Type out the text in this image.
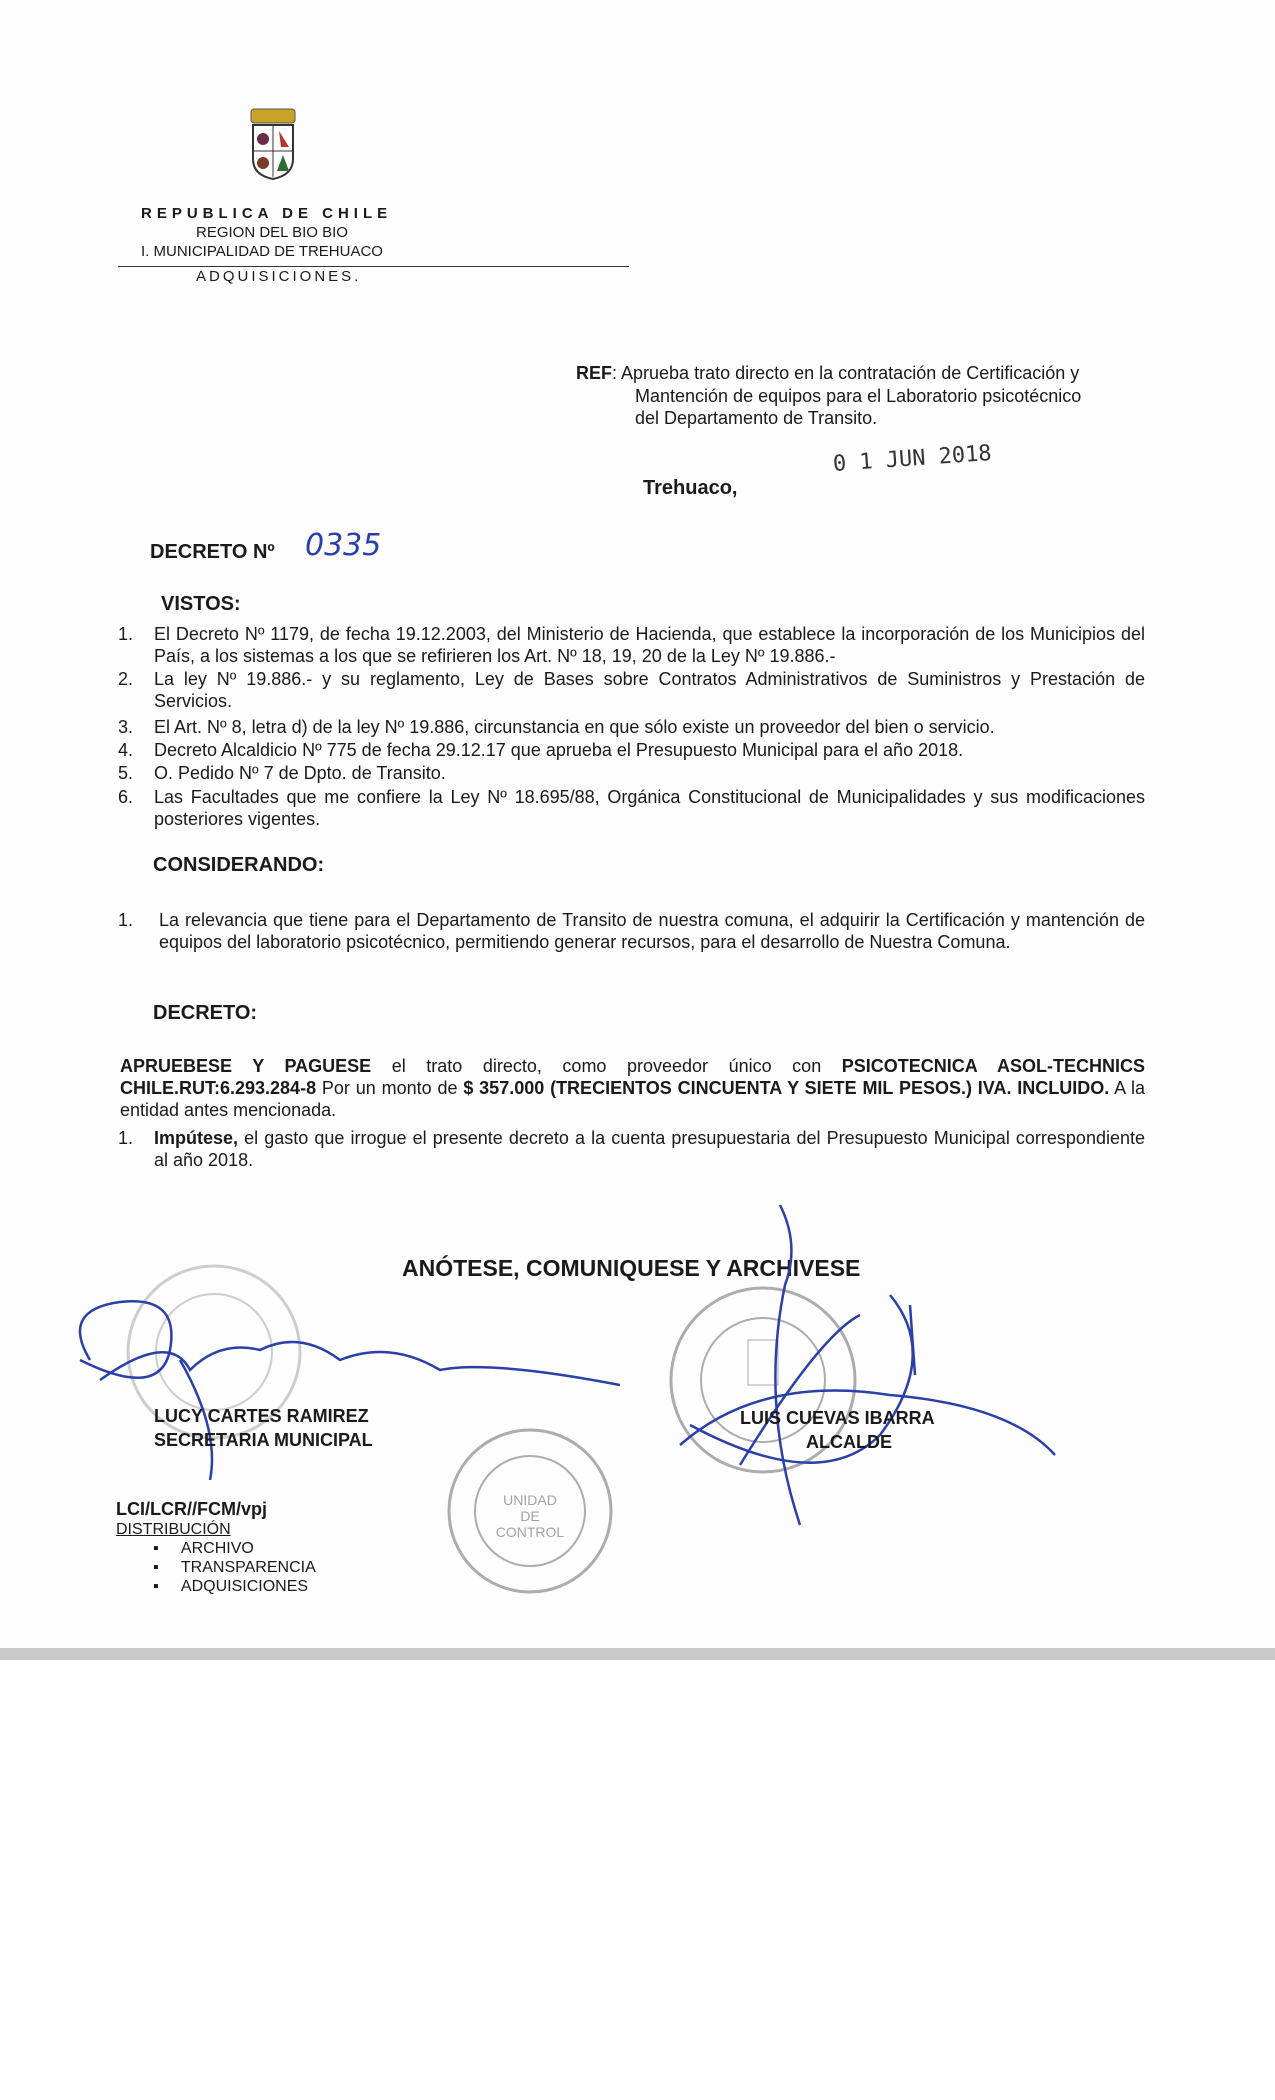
REPUBLICA DE CHILE
REGION DEL BIO BIO
I. MUNICIPALIDAD DE TREHUACO
ADQUISICIONES.
REF: Aprueba trato directo en la contratación de Certificación y
Mantención de equipos para el Laboratorio psicotécnico
del Departamento de Transito.
0 1 JUN 2018
Trehuaco,
DECRETO Nº 0335
VISTOS:
1. El Decreto Nº 1179, de fecha 19.12.2003, del Ministerio de Hacienda, que establece la incorporación de los Municipios del País, a los sistemas a los que se refirieren los Art. Nº 18, 19, 20 de la Ley Nº 19.886.-
2. La ley Nº 19.886.- y su reglamento, Ley de Bases sobre Contratos Administrativos de Suministros y Prestación de Servicios.
3. El Art. Nº 8, letra d) de la ley Nº 19.886, circunstancia en que sólo existe un proveedor del bien o servicio.
4. Decreto Alcaldicio Nº 775 de fecha 29.12.17 que aprueba el Presupuesto Municipal para el año 2018.
5. O. Pedido Nº 7 de Dpto. de Transito.
6. Las Facultades que me confiere la Ley Nº 18.695/88, Orgánica Constitucional de Municipalidades y sus modificaciones posteriores vigentes.
CONSIDERANDO:
1. La relevancia que tiene para el Departamento de Transito de nuestra comuna, el adquirir la Certificación y mantención de equipos del laboratorio psicotécnico, permitiendo generar recursos, para el desarrollo de Nuestra Comuna.
DECRETO:
APRUEBESE Y PAGUESE el trato directo, como proveedor único con PSICOTECNICA ASOL-TECHNICS CHILE.RUT:6.293.284-8 Por un monto de $ 357.000 (TRECIENTOS CINCUENTA Y SIETE MIL PESOS.) IVA. INCLUIDO. A la entidad antes mencionada.
1. Impútese, el gasto que irrogue el presente decreto a la cuenta presupuestaria del Presupuesto Municipal correspondiente al año 2018.
ANÓTESE, COMUNIQUESE Y ARCHIVESE
UNIDAD
DE
CONTROL
LUCY CARTES RAMIREZ
SECRETARIA MUNICIPAL
LUIS CUEVAS IBARRA
ALCALDE
LCI/LCR//FCM/vpj
DISTRIBUCIÓN
▪     ARCHIVO
▪     TRANSPARENCIA
▪     ADQUISICIONES
